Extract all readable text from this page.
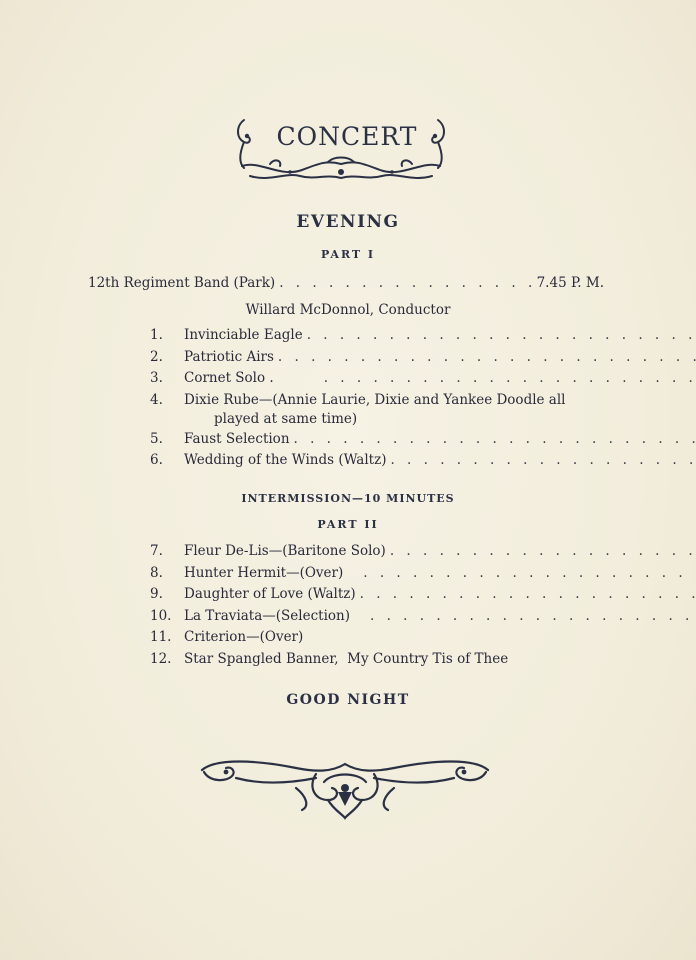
CONCERT
EVENING
PART I
12th Regiment Band (Park)
. . .	7.45 P. M.
Willard McDonnol, Conductor
1.	Invinciable Eagle
. . .
2.	Patriotic Airs
. . .
3.	Cornet Solo .
. . .
4.	Dixie Rube—(Annie Laurie, Dixie and Yankee Doodle all
played at same time)
5.	Faust Selection
. . .
6.	Wedding of the Winds (Waltz)
. . .
INTERMISSION—10 MINUTES
PART II
7.	Fleur De-Lis—(Baritone Solo)
. . .
8.	Hunter Hermit—(Over)
. . .
9.	Daughter of Love (Waltz)
. . .
10. La Traviata—(Selection)
. . .
11. Criterion—(Over)
12. Star Spangled Banner,  My Country Tis of Thee
GOOD NIGHT
